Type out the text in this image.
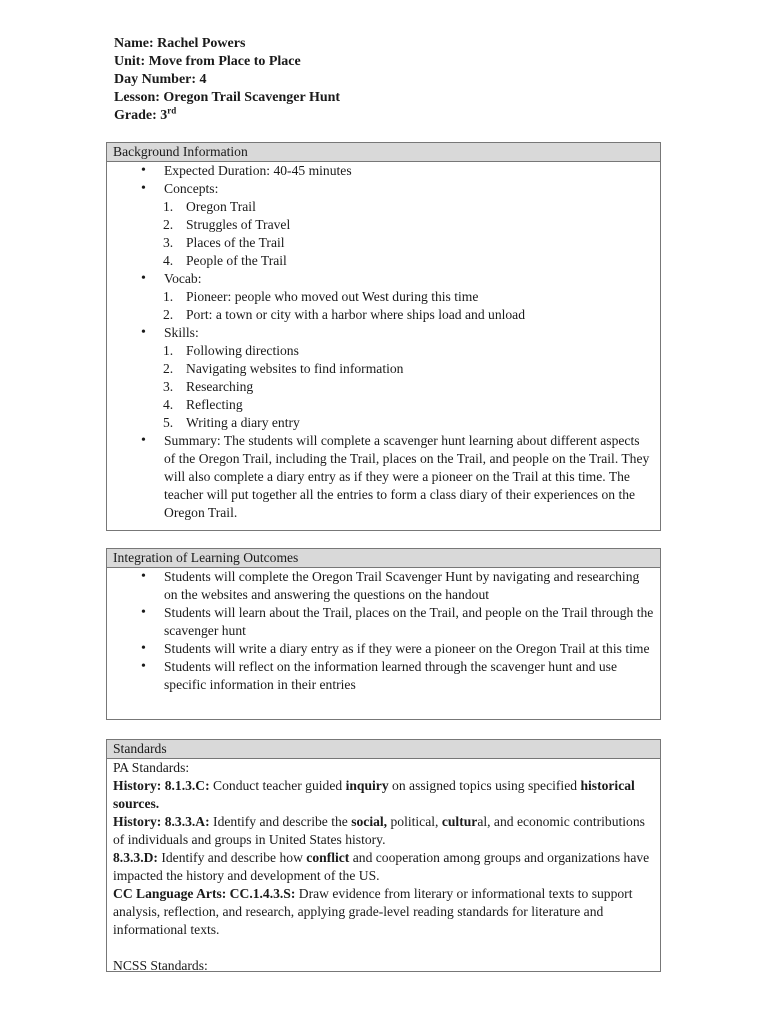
Name: Rachel Powers
Unit: Move from Place to Place
Day Number: 4
Lesson: Oregon Trail Scavenger Hunt
Grade: 3rd
Background Information
• Expected Duration: 40-45 minutes
• Concepts:
1. Oregon Trail
2. Struggles of Travel
3. Places of the Trail
4. People of the Trail
• Vocab:
1. Pioneer: people who moved out West during this time
2. Port: a town or city with a harbor where ships load and unload
• Skills:
1. Following directions
2. Navigating websites to find information
3. Researching
4. Reflecting
5. Writing a diary entry
• Summary: The students will complete a scavenger hunt learning about different aspects of the Oregon Trail, including the Trail, places on the Trail, and people on the Trail. They will also complete a diary entry as if they were a pioneer on the Trail at this time. The teacher will put together all the entries to form a class diary of their experiences on the Oregon Trail.
Integration of Learning Outcomes
• Students will complete the Oregon Trail Scavenger Hunt by navigating and researching on the websites and answering the questions on the handout
• Students will learn about the Trail, places on the Trail, and people on the Trail through the scavenger hunt
• Students will write a diary entry as if they were a pioneer on the Oregon Trail at this time
• Students will reflect on the information learned through the scavenger hunt and use specific information in their entries
Standards

PA Standards:

History: 8.1.3.C: Conduct teacher guided inquiry on assigned topics using specified historical sources.

History: 8.3.3.A: Identify and describe the social, political, cultural, and economic contributions of individuals and groups in United States history.

8.3.3.D: Identify and describe how conflict and cooperation among groups and organizations have impacted the history and development of the US.

CC Language Arts: CC.1.4.3.S: Draw evidence from literary or informational texts to support analysis, reflection, and research, applying grade-level reading standards for literature and informational texts.

NCSS Standards:
